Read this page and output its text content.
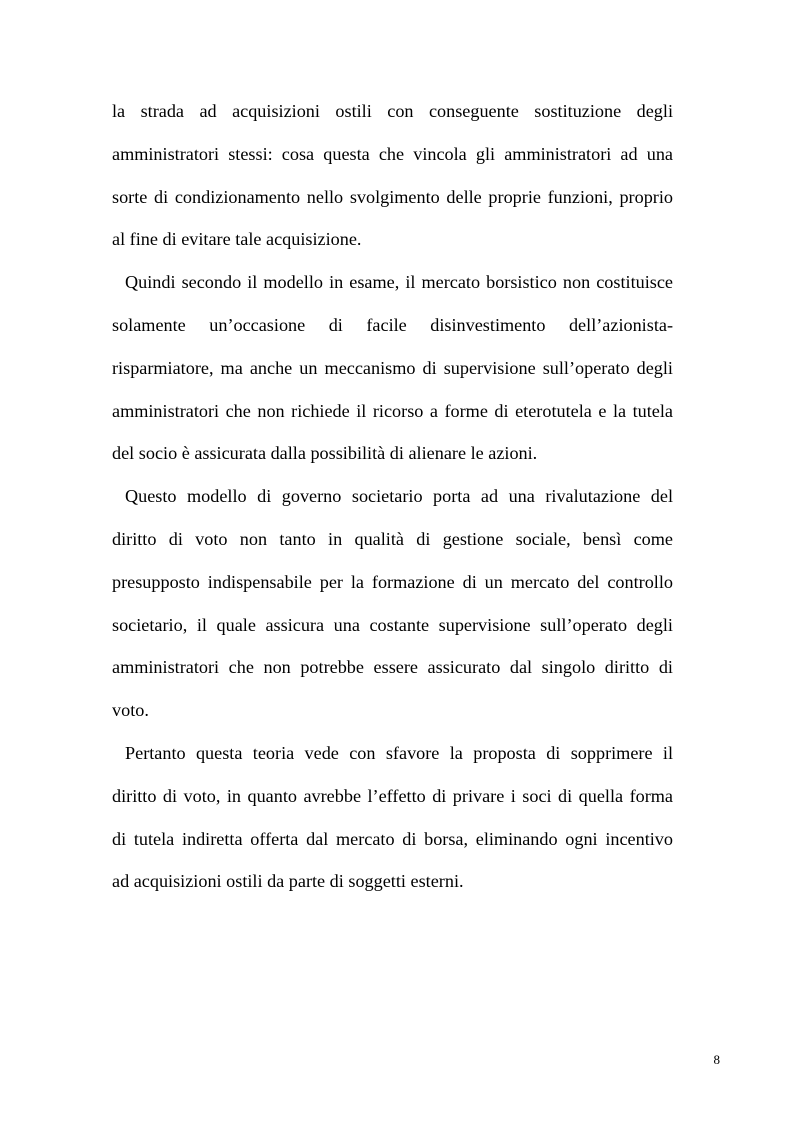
la strada ad acquisizioni ostili con conseguente sostituzione degli
amministratori stessi: cosa questa che vincola gli amministratori ad una
sorte di condizionamento nello svolgimento delle proprie funzioni, proprio
al fine di evitare tale acquisizione.

Quindi secondo il modello in esame, il mercato borsistico non costituisce
solamente un’occasione di facile disinvestimento dell’azionista-
risparmiatore, ma anche un meccanismo di supervisione sull’operato degli
amministratori che non richiede il ricorso a forme di eterotutela e la tutela
del socio è assicurata dalla possibilità di alienare le azioni.

Questo modello di governo societario porta ad una rivalutazione del
diritto di voto non tanto in qualità di gestione sociale, bensì come
presupposto indispensabile per la formazione di un mercato del controllo
societario, il quale assicura una costante supervisione sull’operato degli
amministratori che non potrebbe essere assicurato dal singolo diritto di
voto.

Pertanto questa teoria vede con sfavore la proposta di sopprimere il
diritto di voto, in quanto avrebbe l’effetto di privare i soci di quella forma
di tutela indiretta offerta dal mercato di borsa, eliminando ogni incentivo
ad acquisizioni ostili da parte di soggetti esterni.

8
